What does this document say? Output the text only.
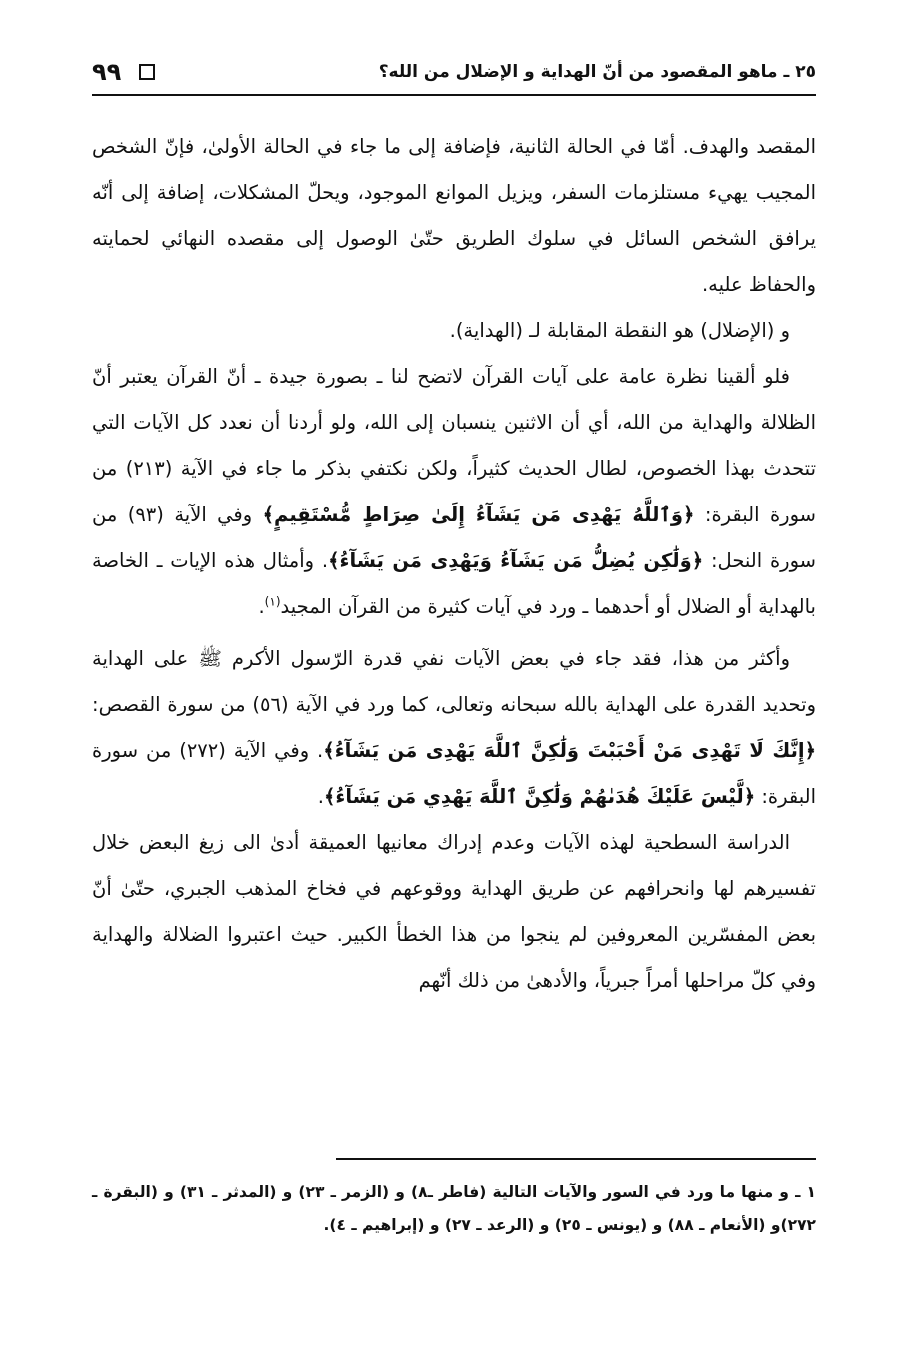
٢٥ ـ ماهو المقصود من أنّ الهداية و الإضلال من الله؟
٩٩

المقصد والهدف. أمّا في الحالة الثانية، فإضافة إلى ما جاء في الحالة الأولىٰ، فإنّ الشخص المجيب يهيء مستلزمات السفر، ويزيل الموانع الموجود، ويحلّ المشكلات، إضافة إلى أنّه يرافق الشخص السائل في سلوك الطريق حتّىٰ الوصول إلى مقصده النهائي لحمايته والحفاظ عليه.

و (الإضلال) هو النقطة المقابلة لـ (الهداية).

فلو ألقينا نظرة عامة على آيات القرآن لاتضح لنا ـ بصورة جيدة ـ أنّ القرآن يعتبر أنّ الظلالة والهداية من الله، أي أن الاثنين ينسبان إلى الله، ولو أردنا أن نعدد كل الآيات التي تتحدث بهذا الخصوص، لطال الحديث كثيراً، ولكن نكتفي بذكر ما جاء في الآية (٢١٣) من سورة البقرة: ﴿وَٱللَّهُ يَهْدِى مَن يَشَآءُ إِلَىٰ صِرَاطٍ مُّسْتَقِيمٍ﴾ وفي الآية (٩٣) من سورة النحل: ﴿وَلَٰكِن يُضِلُّ مَن يَشَآءُ وَيَهْدِى مَن يَشَآءُ﴾. وأمثال هذه الإيات ـ الخاصة بالهداية أو الضلال أو أحدهما ـ ورد في آيات كثيرة من القرآن المجيد$^{(١)}$.

وأكثر من هذا، فقد جاء في بعض الآيات نفي قدرة الرّسول الأكرم ﷺ على الهداية وتحديد القدرة على الهداية بالله سبحانه وتعالى، كما ورد في الآية (٥٦) من سورة القصص: ﴿إِنَّكَ لَا تَهْدِى مَنْ أَحْبَبْتَ وَلَٰكِنَّ ٱللَّهَ يَهْدِى مَن يَشَآءُ﴾. وفي الآية (٢٧٢) من سورة البقرة: ﴿لَّيْسَ عَلَيْكَ هُدَىٰهُمْ وَلَٰكِنَّ ٱللَّهَ يَهْدِي مَن يَشَآءُ﴾.

الدراسة السطحية لهذه الآيات وعدم إدراك معانيها العميقة أدىٰ الى زيغ البعض خلال تفسيرهم لها وانحرافهم عن طريق الهداية ووقوعهم في فخاخ المذهب الجبري، حتّىٰ أنّ بعض المفسّرين المعروفين لم ينجوا من هذا الخطأ الكبير. حيث اعتبروا الضلالة والهداية وفي كلّ مراحلها أمراً جبرياً، والأدهىٰ من ذلك أنّهم

١ ـ و منها ما ورد في السور والآيات التالية (فاطر ـ٨) و (الزمر ـ ٢٣) و (المدثر ـ ٣١) و (البقرة ـ ٢٧٢)و (الأنعام ـ ٨٨) و (يونس ـ ٢٥) و (الرعد ـ ٢٧) و (إبراهيم ـ ٤).
